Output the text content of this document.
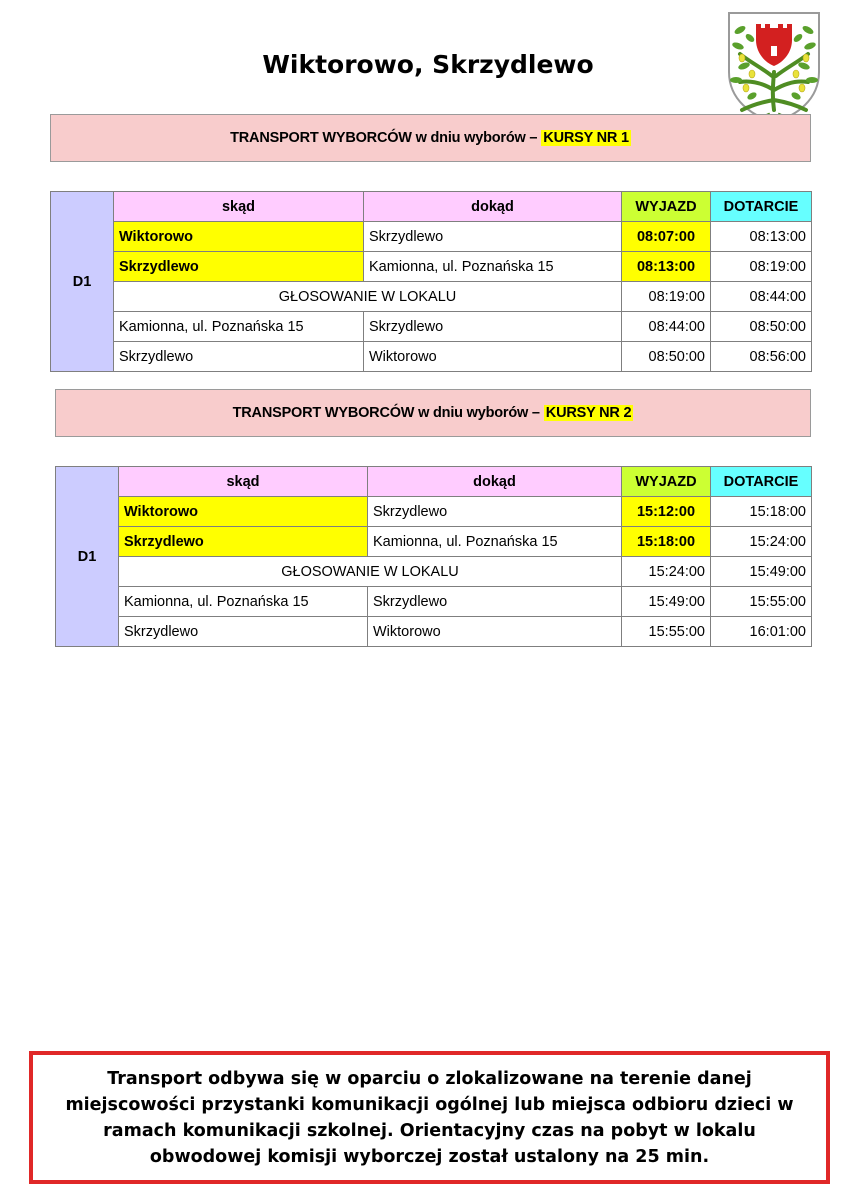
Wiktorowo, Skrzydlewo
TRANSPORT WYBORCÓW w dniu wyborów – KURSY NR 1
D1	skąd	dokąd	WYJAZD	DOTARCIE
	Wiktorowo	Skrzydlewo	08:07:00	08:13:00
	Skrzydlewo	Kamionna, ul. Poznańska 15	08:13:00	08:19:00
	GŁOSOWANIE W LOKALU		08:19:00	08:44:00
	Kamionna, ul. Poznańska 15	Skrzydlewo	08:44:00	08:50:00
	Skrzydlewo	Wiktorowo	08:50:00	08:56:00
TRANSPORT WYBORCÓW w dniu wyborów – KURSY NR 2
D1	skąd	dokąd	WYJAZD	DOTARCIE
	Wiktorowo	Skrzydlewo	15:12:00	15:18:00
	Skrzydlewo	Kamionna, ul. Poznańska 15	15:18:00	15:24:00
	GŁOSOWANIE W LOKALU		15:24:00	15:49:00
	Kamionna, ul. Poznańska 15	Skrzydlewo	15:49:00	15:55:00
	Skrzydlewo	Wiktorowo	15:55:00	16:01:00
Transport odbywa się w oparciu o zlokalizowane na terenie danej miejscowości przystanki komunikacji ogólnej lub miejsca odbioru dzieci w ramach komunikacji szkolnej. Orientacyjny czas na pobyt w lokalu obwodowej komisji wyborczej został ustalony na 25 min.
